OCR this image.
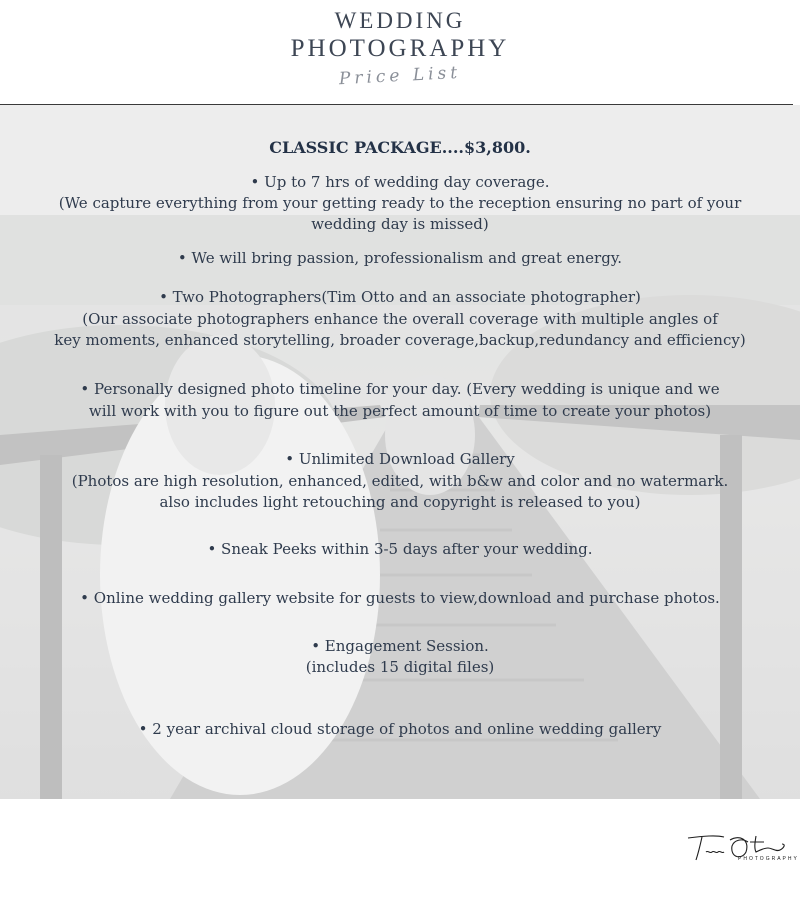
WEDDING
PHOTOGRAPHY
Price List
CLASSIC PACKAGE....$3,800.
• Up to 7 hrs of wedding day coverage.
(We capture everything from your getting ready to the reception ensuring no part of your
wedding day is missed)
• We will bring passion, professionalism and great energy.
• Two Photographers(Tim Otto and an associate photographer)
(Our associate photographers enhance the overall coverage with multiple angles of
key moments, enhanced storytelling, broader coverage,backup,redundancy and efficiency)
• Personally designed photo timeline for your day. (Every wedding is unique and we
will work with you to figure out the perfect amount of time to create your photos)
• Unlimited Download Gallery
(Photos are high resolution, enhanced, edited, with b&w and color and no watermark.
also includes light retouching and copyright is released to you)
• Sneak Peeks within 3-5 days after your wedding.
• Online wedding gallery website for guests to view,download and purchase photos.
• Engagement Session.
(includes 15 digital files)
• 2 year archival cloud storage of photos and online wedding gallery
PHOTOGRAPHY
